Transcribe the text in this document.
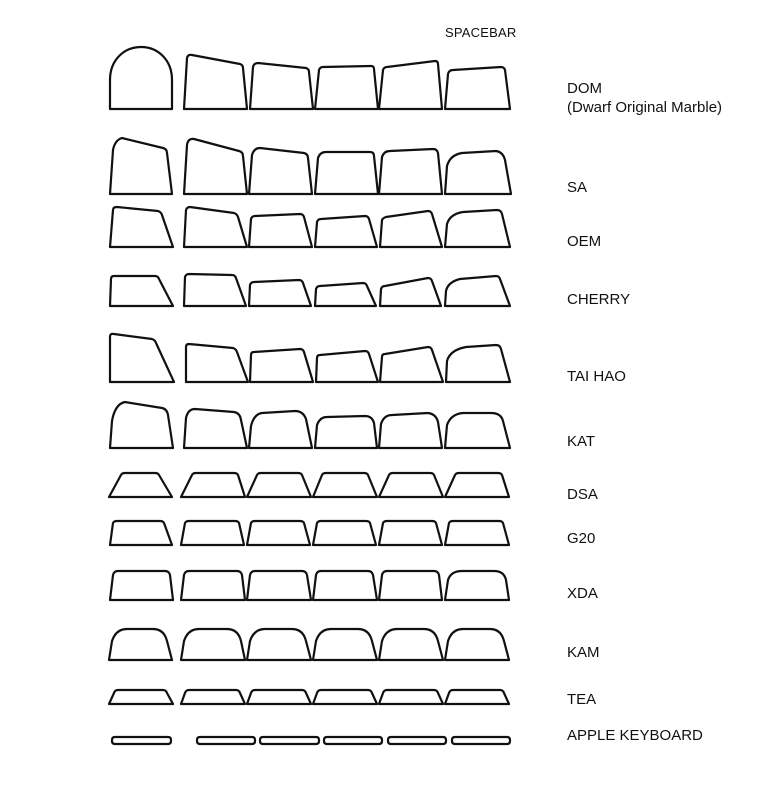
SPACEBAR
DOM
(Dwarf Original Marble)
SA
OEM
CHERRY
TAI HAO
KAT
DSA
G20
XDA
KAM
TEA
APPLE KEYBOARD
